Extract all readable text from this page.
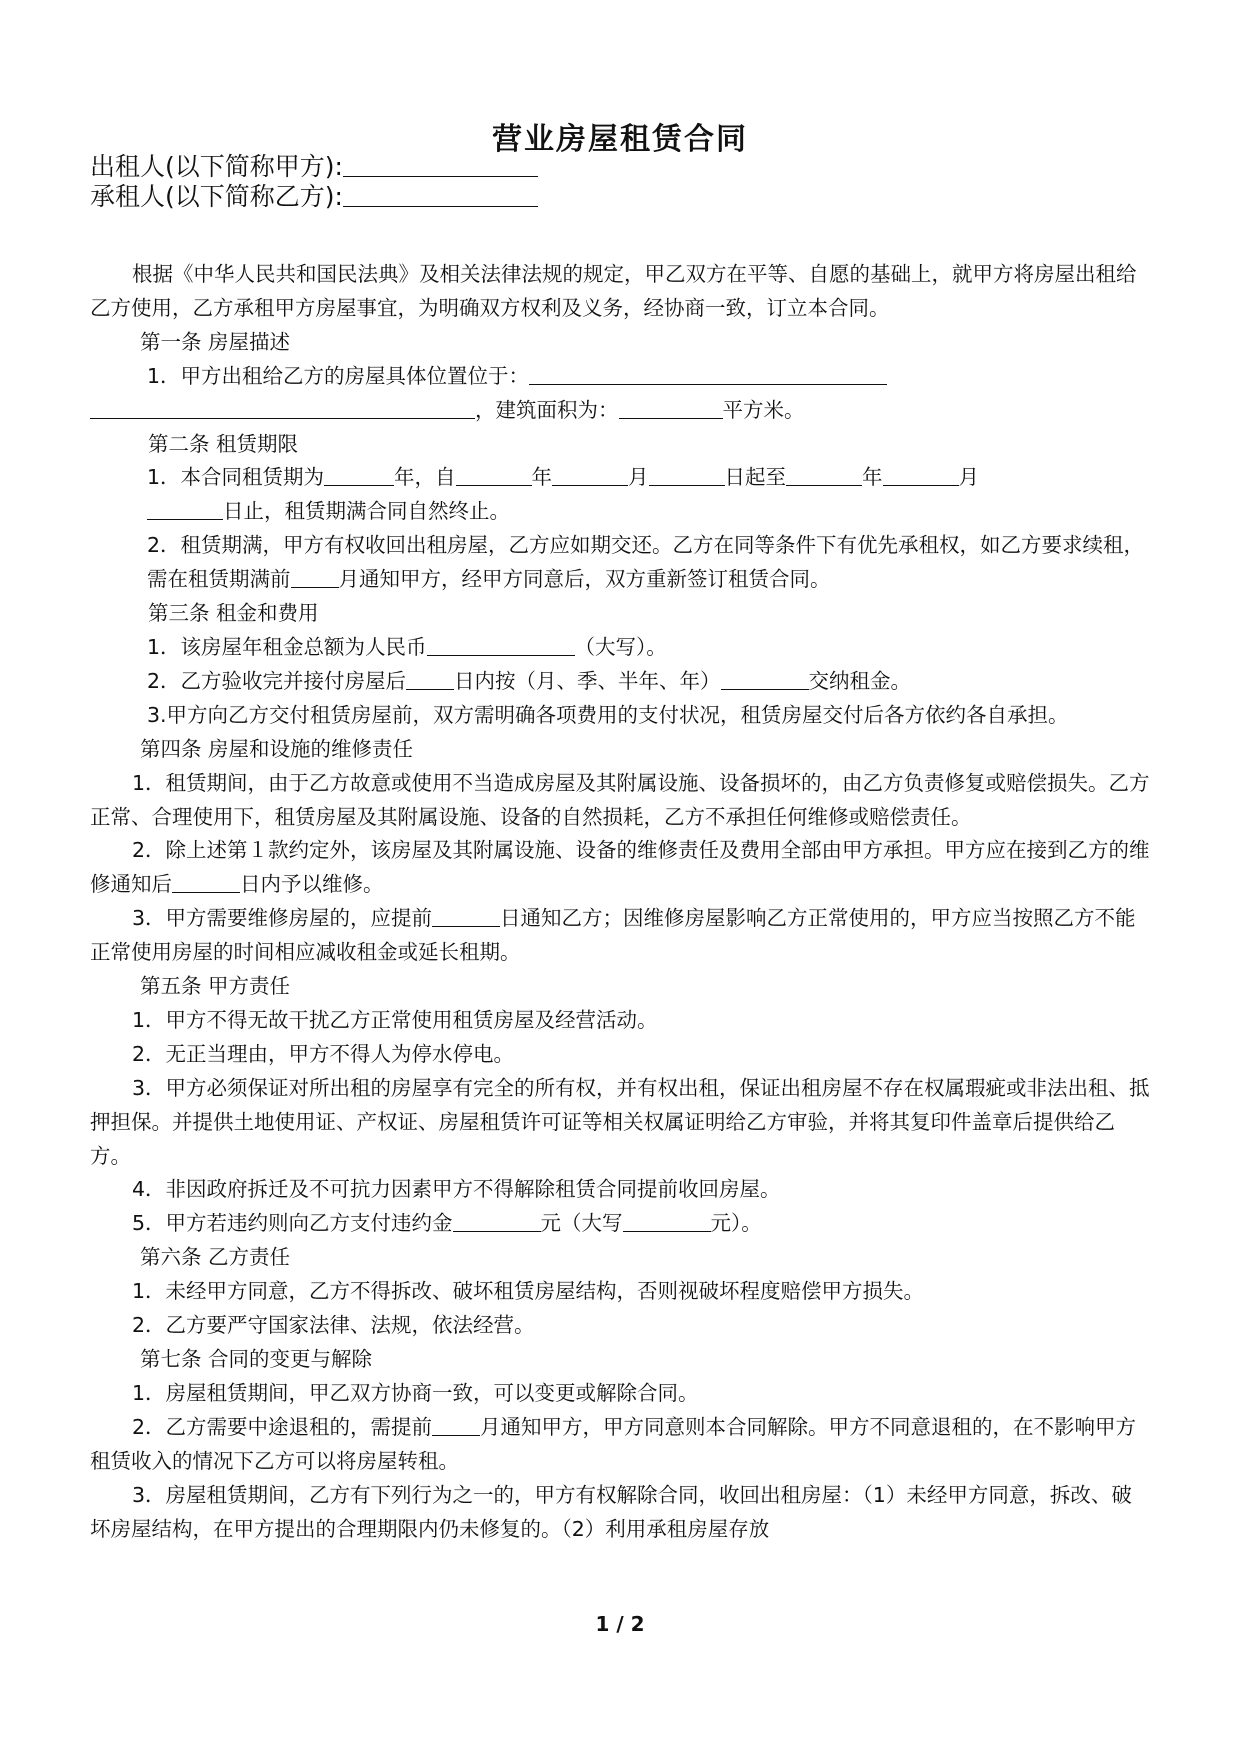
营业房屋租赁合同
出租人(以下简称甲方):
承租人(以下简称乙方):

根据《中华人民共和国民法典》及相关法律法规的规定，甲乙双方在平等、自愿的基础上，就甲方将房屋出租给乙方使用，乙方承租甲方房屋事宜，为明确双方权利及义务，经协商一致，订立本合同。

第一条 房屋描述

1．甲方出租给乙方的房屋具体位置位于：
，建筑面积为：	平方米。

第二条 租赁期限

1．本合同租赁期为	年，自	年	月	日起至	年	月
日止，租赁期满合同自然终止。

2．租赁期满，甲方有权收回出租房屋，乙方应如期交还。乙方在同等条件下有优先承租权，如乙方要求续租，需在租赁期满前 月通知甲方，经甲方同意后，双方重新签订租赁合同。

第三条 租金和费用

1．该房屋年租金总额为人民币	（大写）。

2．乙方验收完并接付房屋后 日内按（月、季、半年、年）	交纳租金。

3.甲方向乙方交付租赁房屋前，双方需明确各项费用的支付状况，租赁房屋交付后各方依约各自承担。

第四条 房屋和设施的维修责任

1．租赁期间，由于乙方故意或使用不当造成房屋及其附属设施、设备损坏的，由乙方负责修复或赔偿损失。乙方正常、合理使用下，租赁房屋及其附属设施、设备的自然损耗，乙方不承担任何维修或赔偿责任。

2．除上述第１款约定外，该房屋及其附属设施、设备的维修责任及费用全部由甲方承担。甲方应在接到乙方的维修通知后	日内予以维修。

3．甲方需要维修房屋的，应提前	日通知乙方；因维修房屋影响乙方正常使用的，甲方应当按照乙方不能正常使用房屋的时间相应减收租金或延长租期。

第五条 甲方责任

1．甲方不得无故干扰乙方正常使用租赁房屋及经营活动。

2．无正当理由，甲方不得人为停水停电。

3．甲方必须保证对所出租的房屋享有完全的所有权，并有权出租，保证出租房屋不存在权属瑕疵或非法出租、抵押担保。并提供土地使用证、产权证、房屋租赁许可证等相关权属证明给乙方审验，并将其复印件盖章后提供给乙方。

4．非因政府拆迁及不可抗力因素甲方不得解除租赁合同提前收回房屋。

5．甲方若违约则向乙方支付违约金	元（大写	元）。

第六条 乙方责任

1．未经甲方同意，乙方不得拆改、破坏租赁房屋结构，否则视破坏程度赔偿甲方损失。

2．乙方要严守国家法律、法规，依法经营。

第七条 合同的变更与解除

1．房屋租赁期间，甲乙双方协商一致，可以变更或解除合同。

2．乙方需要中途退租的，需提前 月通知甲方，甲方同意则本合同解除。甲方不同意退租的，在不影响甲方租赁收入的情况下乙方可以将房屋转租。

3．房屋租赁期间，乙方有下列行为之一的，甲方有权解除合同，收回出租房屋：（1）未经甲方同意，拆改、破坏房屋结构，在甲方提出的合理期限内仍未修复的。（2）利用承租房屋存放

1 / 2
